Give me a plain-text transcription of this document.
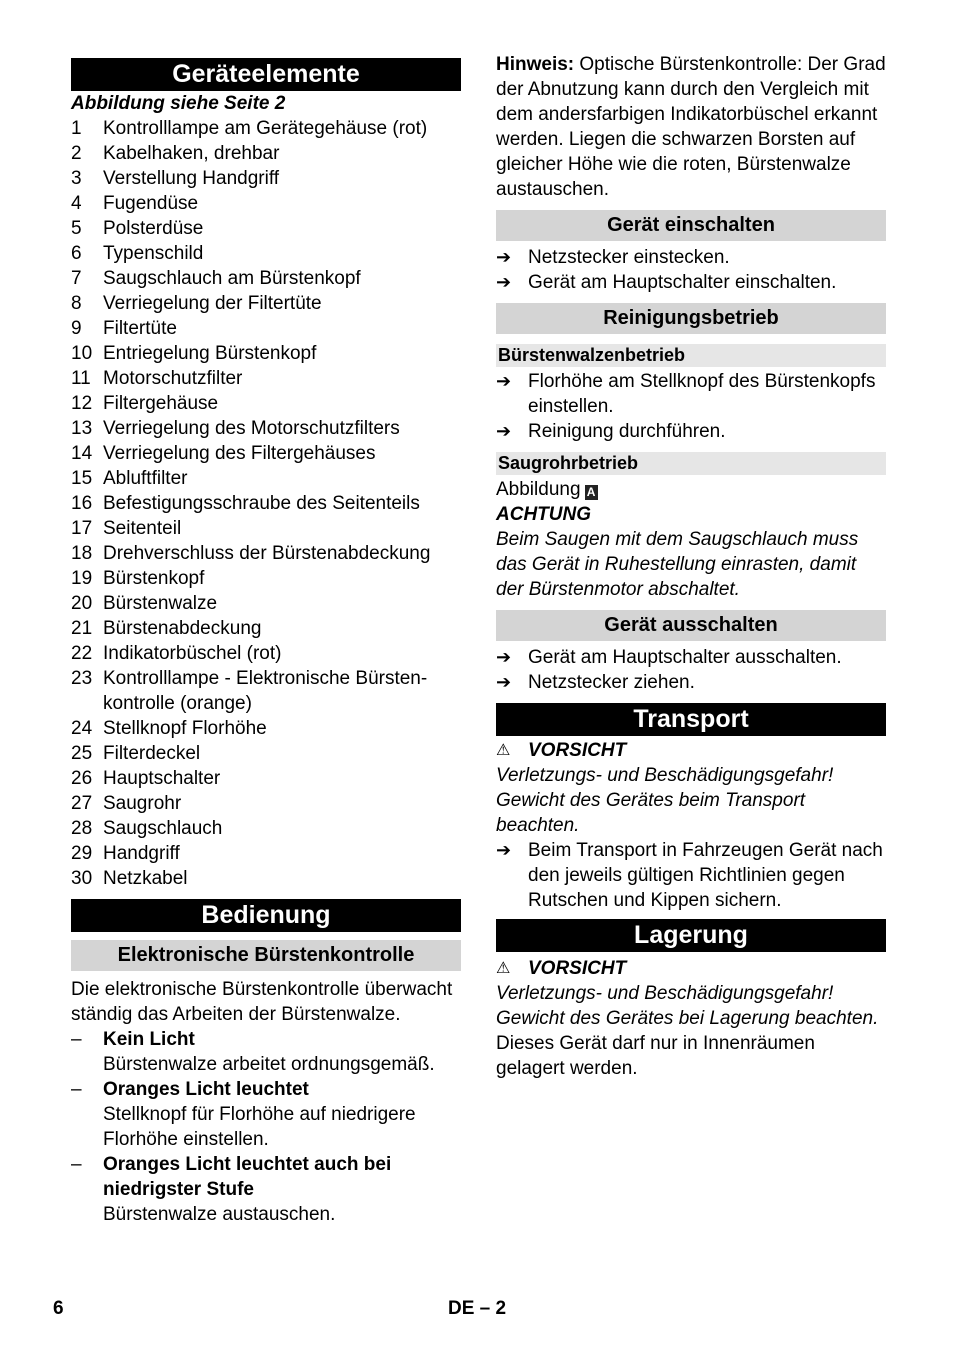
Geräteelemente
Abbildung siehe Seite 2
1	Kontrolllampe am Gerätegehäuse (rot)
2	Kabelhaken, drehbar
3	Verstellung Handgriff
4	Fugendüse
5	Polsterdüse
6	Typenschild
7	Saugschlauch am Bürstenkopf
8	Verriegelung der Filtertüte
9	Filtertüte
10 Entriegelung Bürstenkopf
11 Motorschutzfilter
12 Filtergehäuse
13 Verriegelung des Motorschutzfilters
14 Verriegelung des Filtergehäuses
15 Abluftfilter
16 Befestigungsschraube des Seitenteils
17 Seitenteil
18 Drehverschluss der Bürstenabdeckung
19 Bürstenkopf
20 Bürstenwalze
21 Bürstenabdeckung
22 Indikatorbüschel (rot)
23 Kontrolllampe - Elektronische Bürsten-kontrolle (orange)
24 Stellknopf Florhöhe
25 Filterdeckel
26 Hauptschalter
27 Saugrohr
28 Saugschlauch
29 Handgriff
30 Netzkabel
Bedienung
Elektronische Bürstenkontrolle

Die elektronische Bürstenkontrolle überwacht ständig das Arbeiten der Bürstenwalze.

–	Kein Licht
Bürstenwalze arbeitet ordnungsgemäß.
–	Oranges Licht leuchtet
Stellknopf für Florhöhe auf niedrigere Florhöhe einstellen.
–	Oranges Licht leuchtet auch bei niedrigster Stufe
Bürstenwalze austauschen.

Hinweis: Optische Bürstenkontrolle: Der Grad der Abnutzung kann durch den Vergleich mit dem andersfarbigen Indikatorbüschel erkannt werden. Liegen die schwarzen Borsten auf gleicher Höhe wie die roten, Bürstenwalze austauschen.

Gerät einschalten
➔ Netzstecker einstecken.
➔ Gerät am Hauptschalter einschalten.
Reinigungsbetrieb
Bürstenwalzenbetrieb
➔ Florhöhe am Stellknopf des Bürstenkopfs einstellen.
➔ Reinigung durchführen.
Saugrohrbetrieb

Abbildung A

ACHTUNG

Beim Saugen mit dem Saugschlauch muss das Gerät in Ruhestellung einrasten, damit der Bürstenmotor abschaltet.

Gerät ausschalten
➔ Gerät am Hauptschalter ausschalten.
➔ Netzstecker ziehen.
Transport
⚠ VORSICHT

Verletzungs- und Beschädigungsgefahr! Gewicht des Gerätes beim Transport beachten.

➔ Beim Transport in Fahrzeugen Gerät nach den jeweils gültigen Richtlinien gegen Rutschen und Kippen sichern.
Lagerung
⚠ VORSICHT

Verletzungs- und Beschädigungsgefahr! Gewicht des Gerätes bei Lagerung beachten.

Dieses Gerät darf nur in Innenräumen gelagert werden.

6	DE – 2
